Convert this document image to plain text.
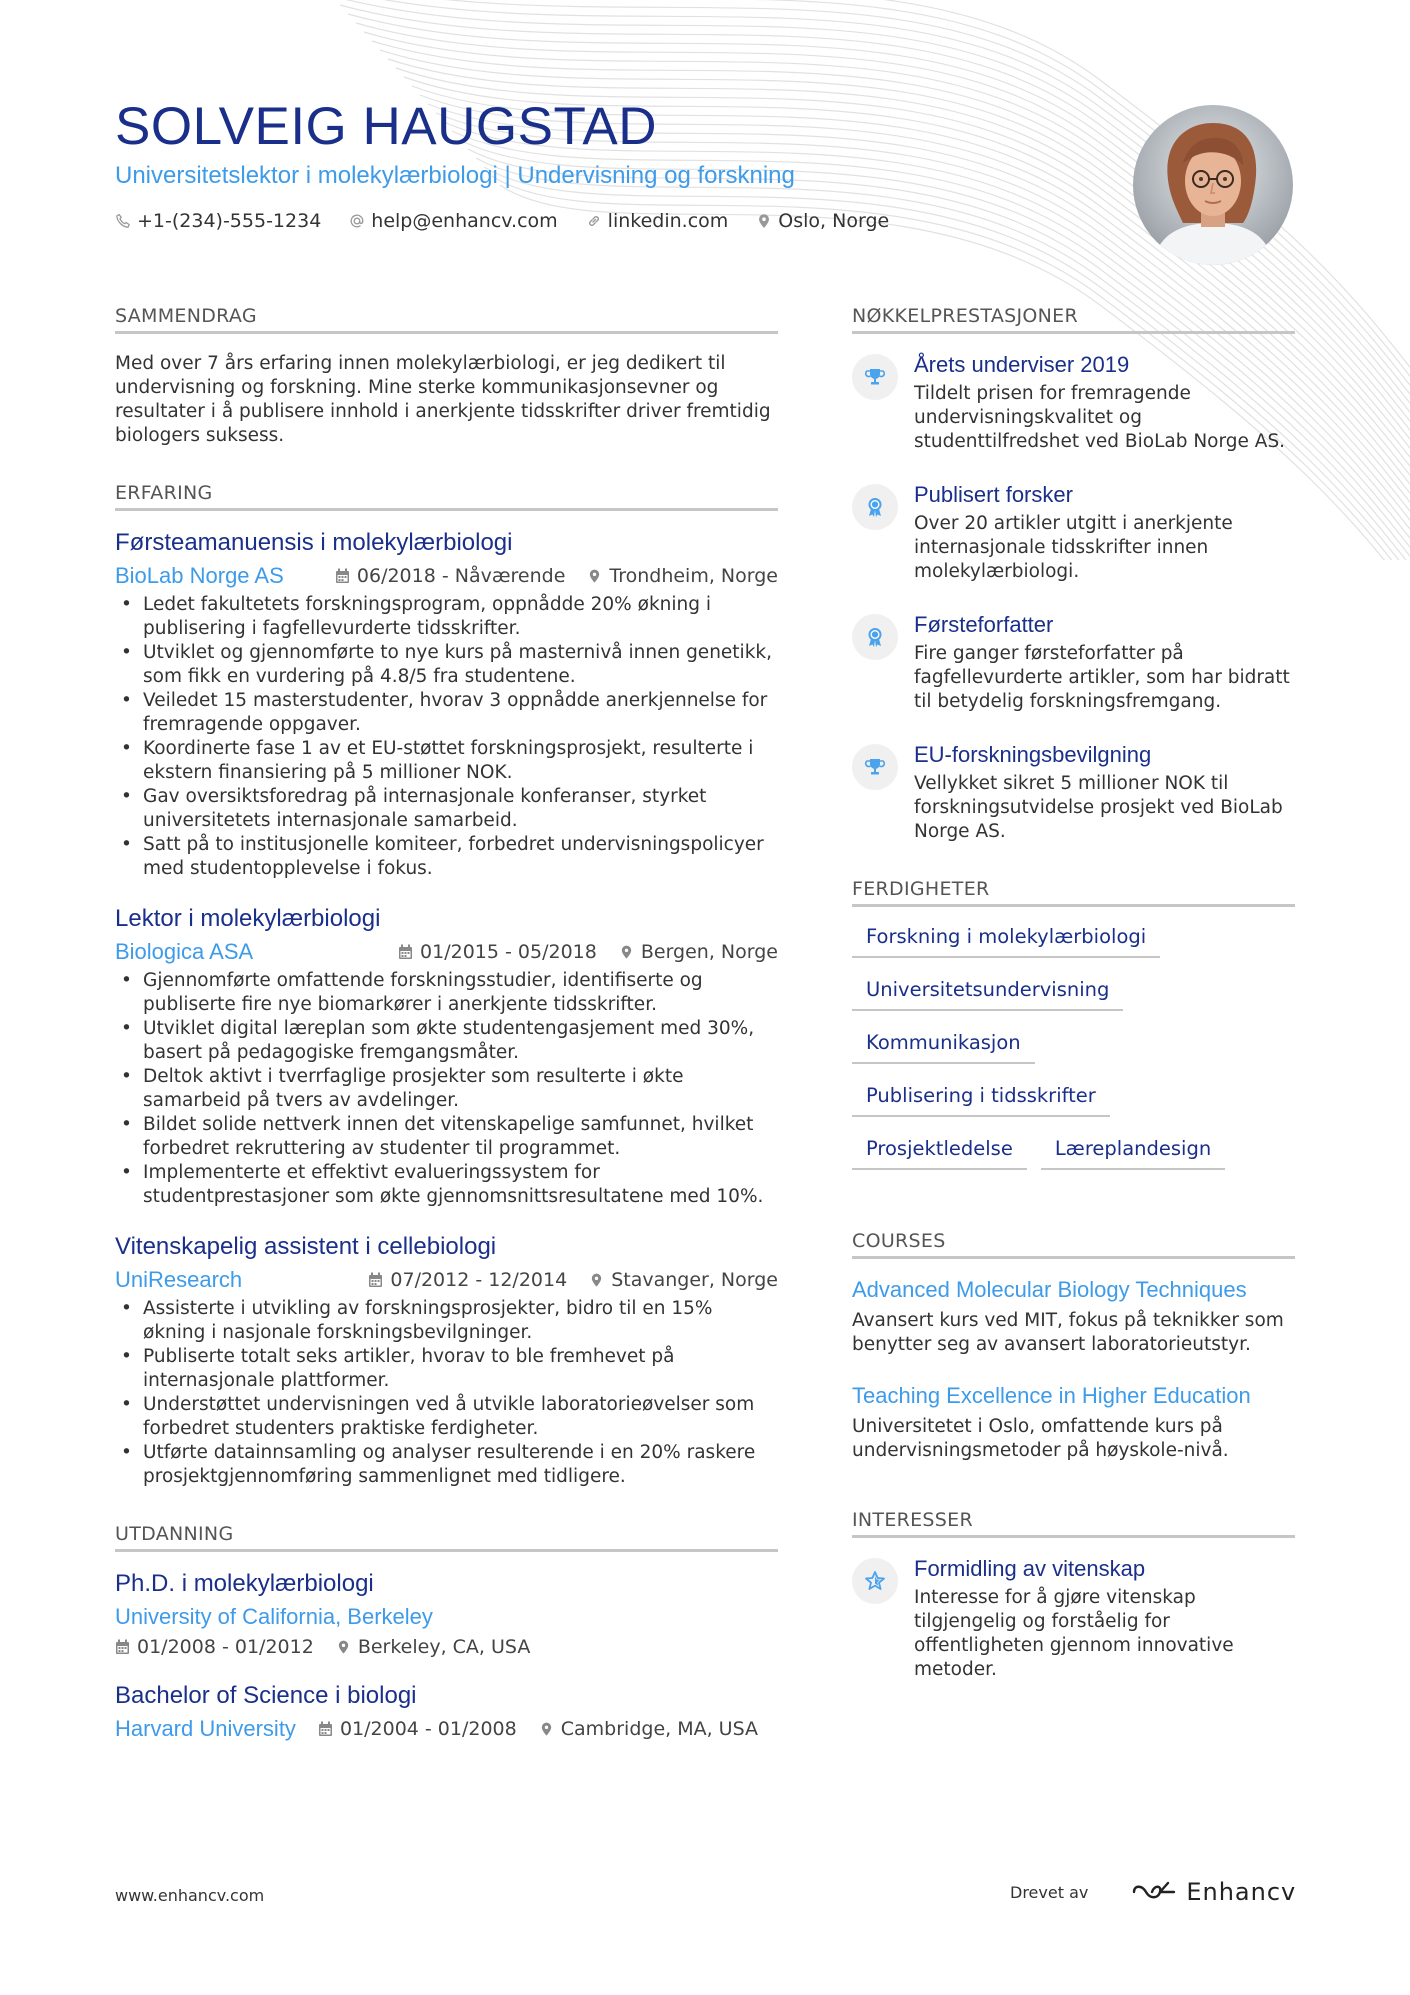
SOLVEIG HAUGSTAD
Universitetslektor i molekylærbiologi | Undervisning og forskning
+1-(234)-555-1234	help@enhancv.com	linkedin.com	Oslo, Norge
SAMMENDRAG
Med over 7 års erfaring innen molekylærbiologi, er jeg dedikert til undervisning og forskning. Mine sterke kommunikasjonsevner og resultater i å publisere innhold i anerkjente tidsskrifter driver fremtidig biologers suksess.
ERFARING
Førsteamanuensis i molekylærbiologi
BioLab Norge AS	06/2018 - Nåværende Trondheim, Norge
• Ledet fakultetets forskningsprogram, oppnådde 20% økning i publisering i fagfellevurderte tidsskrifter.
• Utviklet og gjennomførte to nye kurs på masternivå innen genetikk, som fikk en vurdering på 4.8/5 fra studentene.
• Veiledet 15 masterstudenter, hvorav 3 oppnådde anerkjennelse for fremragende oppgaver.
• Koordinerte fase 1 av et EU-støttet forskningsprosjekt, resulterte i ekstern finansiering på 5 millioner NOK.
• Gav oversiktsforedrag på internasjonale konferanser, styrket universitetets internasjonale samarbeid.
• Satt på to institusjonelle komiteer, forbedret undervisningspolicyer med studentopplevelse i fokus.
Lektor i molekylærbiologi
Biologica ASA	01/2015 - 05/2018 Bergen, Norge
• Gjennomførte omfattende forskningsstudier, identifiserte og publiserte fire nye biomarkører i anerkjente tidsskrifter.
• Utviklet digital læreplan som økte studentengasjement med 30%, basert på pedagogiske fremgangsmåter.
• Deltok aktivt i tverrfaglige prosjekter som resulterte i økte samarbeid på tvers av avdelinger.
• Bildet solide nettverk innen det vitenskapelige samfunnet, hvilket forbedret rekruttering av studenter til programmet.
• Implementerte et effektivt evalueringssystem for studentprestasjoner som økte gjennomsnittsresultatene med 10%.
Vitenskapelig assistent i cellebiologi
UniResearch	07/2012 - 12/2014 Stavanger, Norge
• Assisterte i utvikling av forskningsprosjekter, bidro til en 15% økning i nasjonale forskningsbevilgninger.
• Publiserte totalt seks artikler, hvorav to ble fremhevet på internasjonale plattformer.
• Understøttet undervisningen ved å utvikle laboratorieøvelser som forbedret studenters praktiske ferdigheter.
• Utførte datainnsamling og analyser resulterende i en 20% raskere prosjektgjennomføring sammenlignet med tidligere.
UTDANNING
Ph.D. i molekylærbiologi
University of California, Berkeley
01/2008 - 01/2012 Berkeley, CA, USA
Bachelor of Science i biologi
Harvard University 01/2004 - 01/2008 Cambridge, MA, USA
NØKKELPRESTASJONER
Årets underviser 2019
Tildelt prisen for fremragende undervisningskvalitet og studenttilfredshet ved BioLab Norge AS.
Publisert forsker
Over 20 artikler utgitt i anerkjente internasjonale tidsskrifter innen molekylærbiologi.
Førsteforfatter
Fire ganger førsteforfatter på fagfellevurderte artikler, som har bidratt til betydelig forskningsfremgang.
EU-forskningsbevilgning
Vellykket sikret 5 millioner NOK til forskningsutvidelse prosjekt ved BioLab Norge AS.
FERDIGHETER
Forskning i molekylærbiologi
Universitetsundervisning
Kommunikasjon
Publisering i tidsskrifter
Prosjektledelse	Læreplandesign
COURSES
Advanced Molecular Biology Techniques
Avansert kurs ved MIT, fokus på teknikker som benytter seg av avansert laboratorieutstyr.
Teaching Excellence in Higher Education
Universitetet i Oslo, omfattende kurs på undervisningsmetoder på høyskole-nivå.
INTERESSER
Formidling av vitenskap
Interesse for å gjøre vitenskap tilgjengelig og forståelig for offentligheten gjennom innovative metoder.
www.enhancv.com	Drevet av	Enhancv
